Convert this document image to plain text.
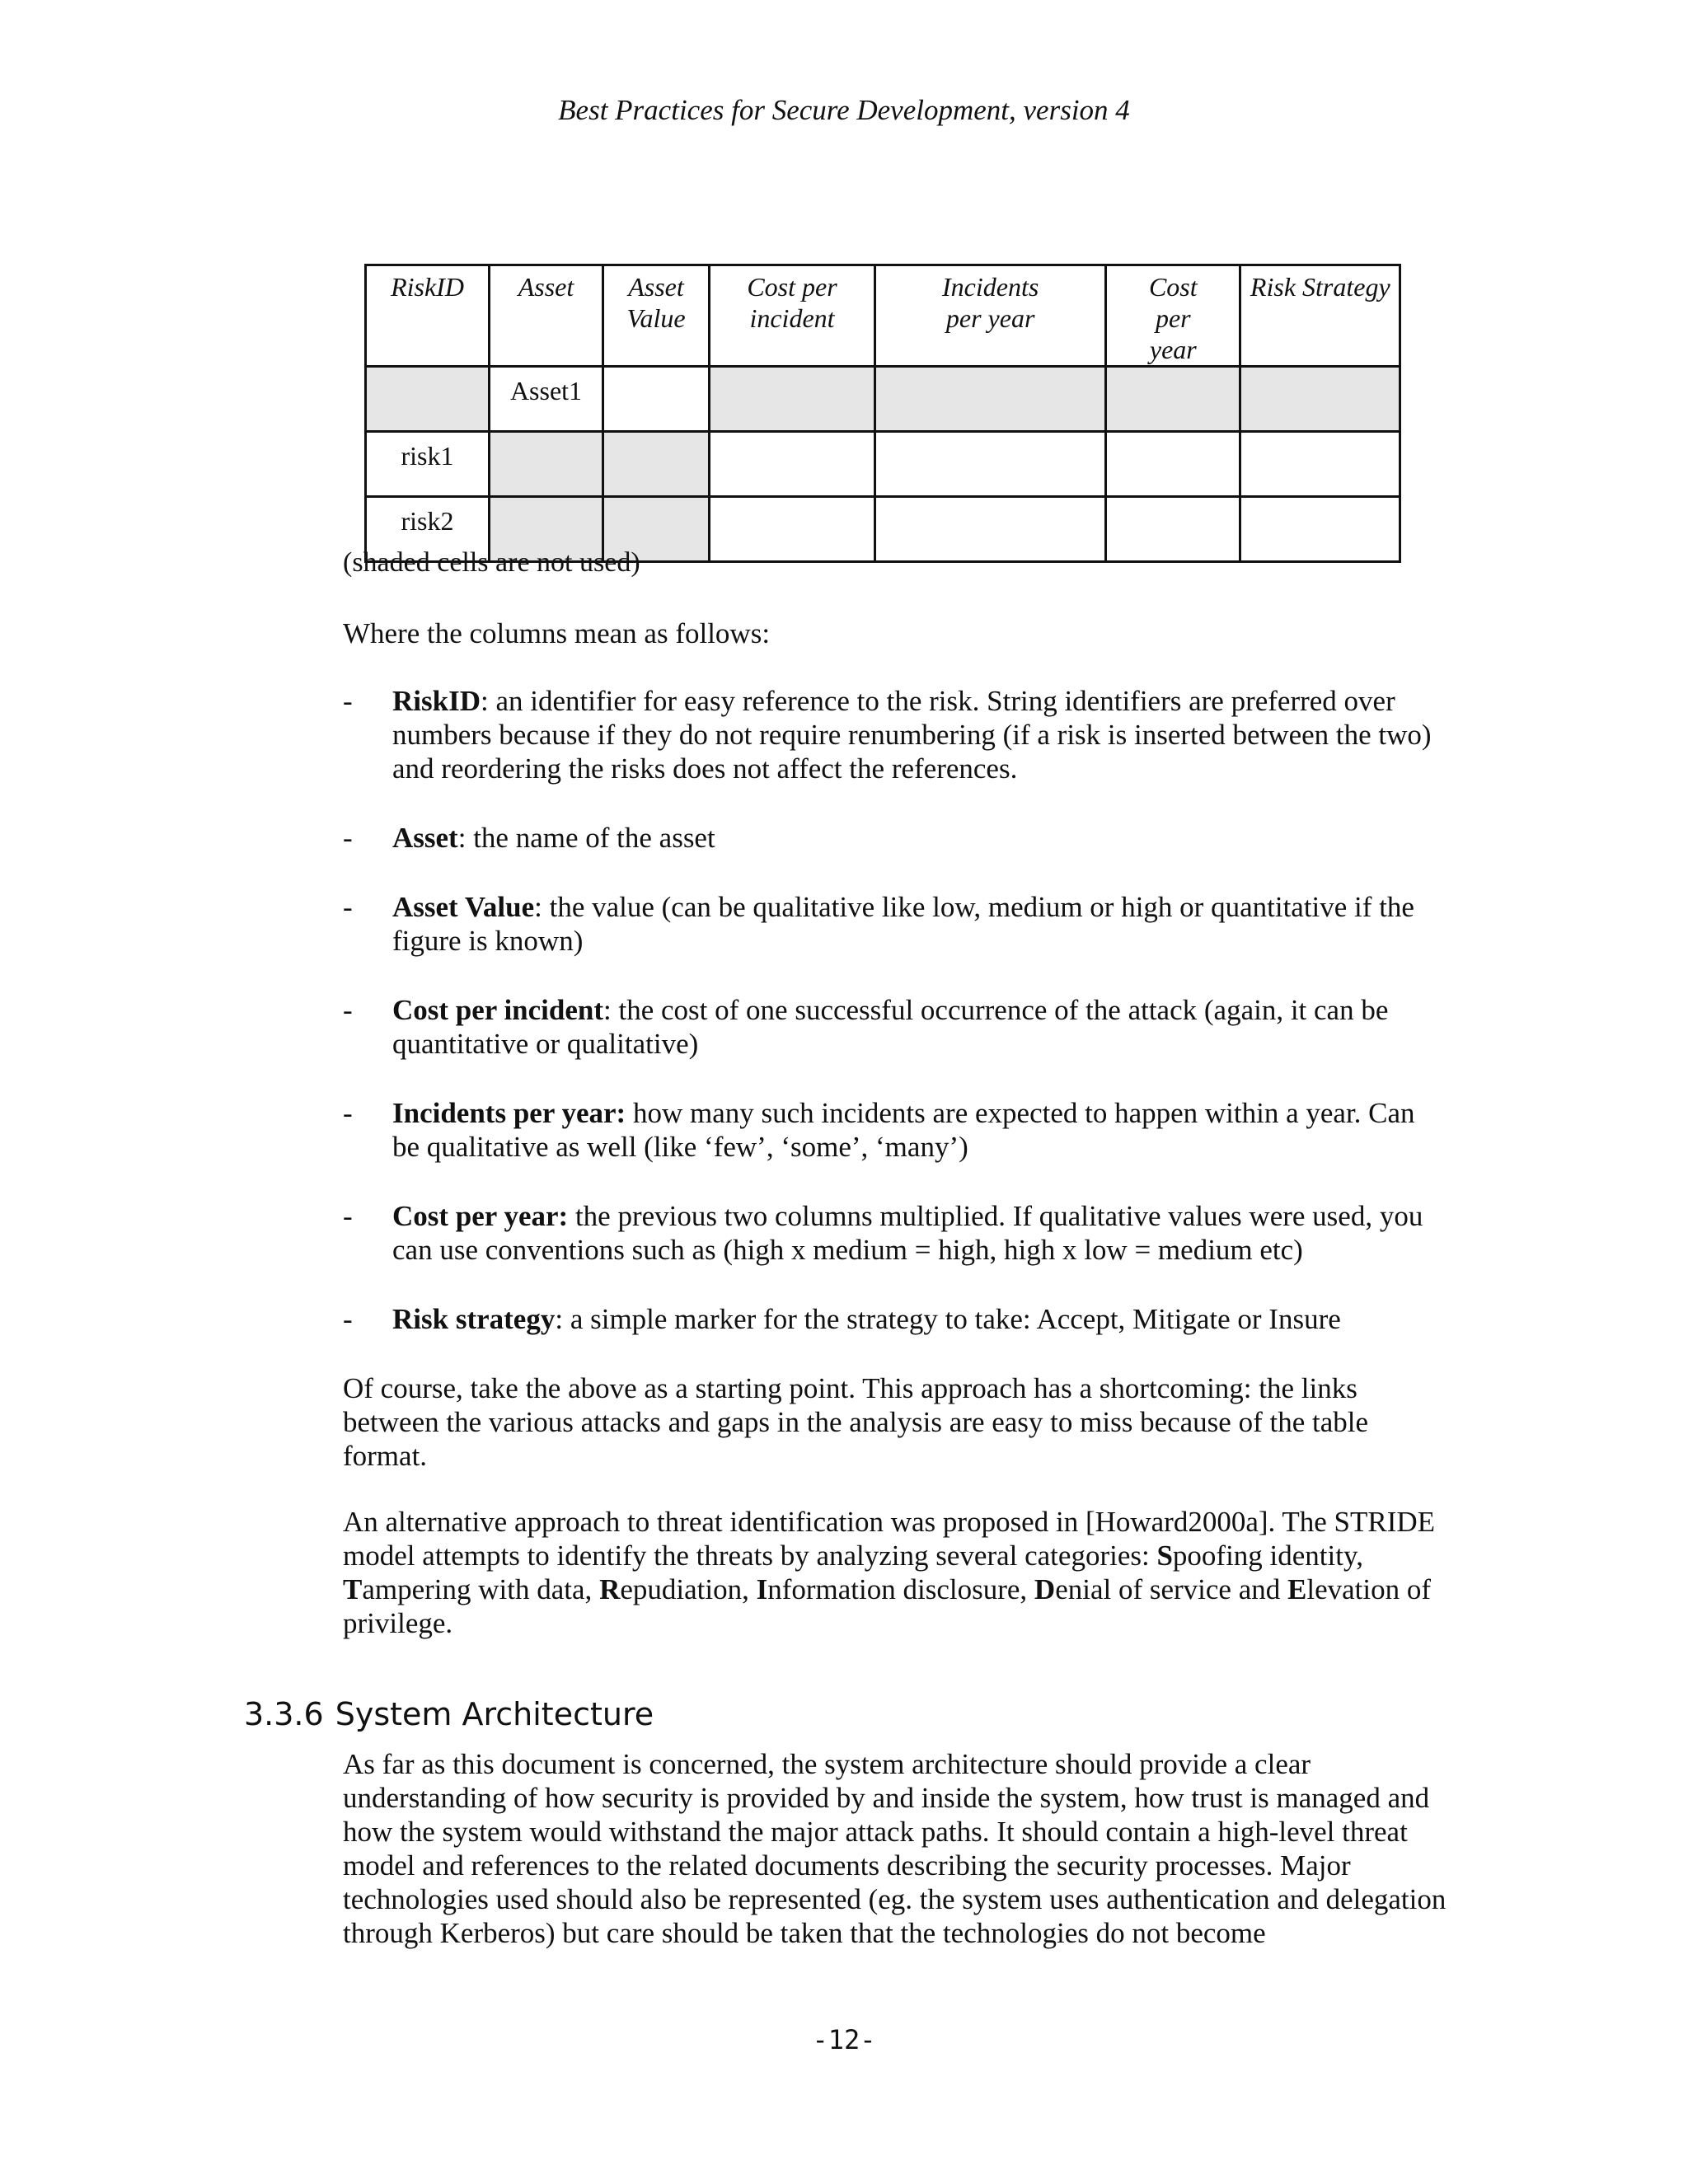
Best Practices for Secure Development, version 4
RiskID	Asset	Asset Value	Cost per incident	Incidents per year	Cost per year	Risk Strategy
	Asset1					
risk1						
risk2						
(shaded cells are not used)

Where the columns mean as follows:

- RiskID: an identifier for easy reference to the risk. String identifiers are preferred over numbers because if they do not require renumbering (if a risk is inserted between the two) and reordering the risks does not affect the references.
- Asset: the name of the asset
- Asset Value: the value (can be qualitative like low, medium or high or quantitative if the figure is known)
- Cost per incident: the cost of one successful occurrence of the attack (again, it can be quantitative or qualitative)
- Incidents per year: how many such incidents are expected to happen within a year. Can be qualitative as well (like ‘few’, ‘some’, ‘many’)
- Cost per year: the previous two columns multiplied. If qualitative values were used, you can use conventions such as (high x medium = high, high x low = medium etc)
- Risk strategy: a simple marker for the strategy to take: Accept, Mitigate or Insure

Of course, take the above as a starting point. This approach has a shortcoming: the links between the various attacks and gaps in the analysis are easy to miss because of the table format.

An alternative approach to threat identification was proposed in [Howard2000a]. The STRIDE model attempts to identify the threats by analyzing several categories: Spoofing identity, Tampering with data, Repudiation, Information disclosure, Denial of service and Elevation of privilege.

3.3.6 System Architecture

As far as this document is concerned, the system architecture should provide a clear understanding of how security is provided by and inside the system, how trust is managed and how the system would withstand the major attack paths. It should contain a high-level threat model and references to the related documents describing the security processes. Major technologies used should also be represented (eg. the system uses authentication and delegation through Kerberos) but care should be taken that the technologies do not become

-12-
